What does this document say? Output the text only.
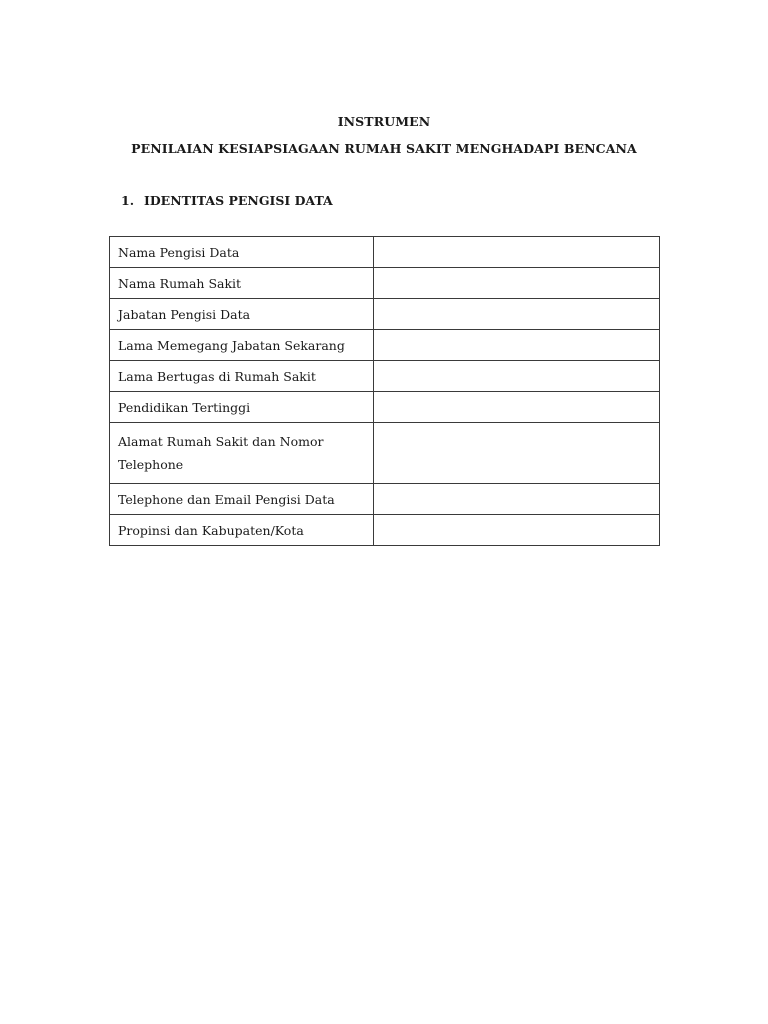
INSTRUMEN
PENILAIAN KESIAPSIAGAAN RUMAH SAKIT MENGHADAPI BENCANA
1. IDENTITAS PENGISI DATA
Nama Pengisi Data	
Nama Rumah Sakit	
Jabatan Pengisi Data	
Lama Memegang Jabatan Sekarang	
Lama Bertugas di Rumah Sakit	
Pendidikan Tertinggi	
Alamat Rumah Sakit dan Nomor Telephone	
Telephone dan Email Pengisi Data	
Propinsi dan Kabupaten/Kota	
